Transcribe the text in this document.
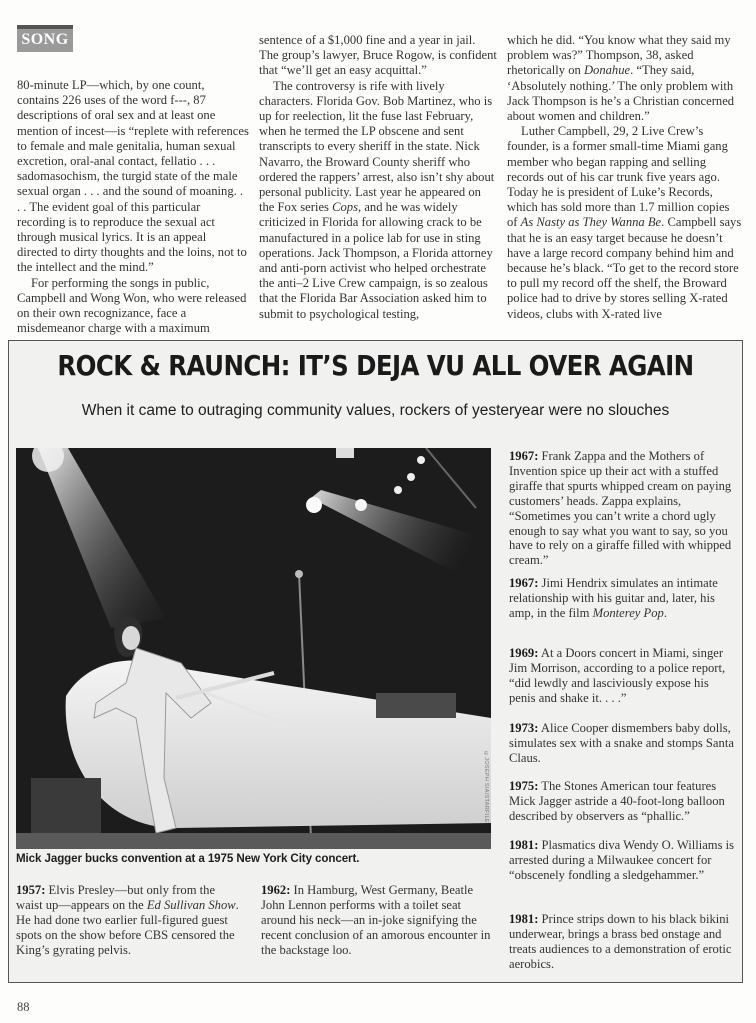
SONG

80-minute LP—which, by one count, contains 226 uses of the word f---, 87 descriptions of oral sex and at least one mention of incest—is “replete with references to female and male genitalia, human sexual excretion, oral-anal contact, fellatio . . . sadomasochism, the turgid state of the male sexual organ . . . and the sound of moaning. . . . The evident goal of this particular recording is to reproduce the sexual act through musical lyrics. It is an appeal directed to dirty thoughts and the loins, not to the intellect and the mind.”

For performing the songs in public, Campbell and Wong Won, who were released on their own recognizance, face a misdemeanor charge with a maximum

sentence of a $1,000 fine and a year in jail. The group’s lawyer, Bruce Rogow, is confident that “we’ll get an easy acquittal.”

The controversy is rife with lively characters. Florida Gov. Bob Martinez, who is up for reelection, lit the fuse last February, when he termed the LP obscene and sent transcripts to every sheriff in the state. Nick Navarro, the Broward County sheriff who ordered the rappers’ arrest, also isn’t shy about personal publicity. Last year he appeared on the Fox series Cops, and he was widely criticized in Florida for allowing crack to be manufactured in a police lab for use in sting operations. Jack Thompson, a Florida attorney and anti-porn activist who helped orchestrate the anti–2 Live Crew campaign, is so zealous that the Florida Bar Association asked him to submit to psychological testing,

which he did. “You know what they said my problem was?” Thompson, 38, asked rhetorically on Donahue. “They said, ‘Absolutely nothing.’ The only problem with Jack Thompson is he’s a Christian concerned about women and children.”

Luther Campbell, 29, 2 Live Crew’s founder, is a former small-time Miami gang member who began rapping and selling records out of his car trunk five years ago. Today he is president of Luke’s Records, which has sold more than 1.7 million copies of As Nasty as They Wanna Be. Campbell says that he is an easy target because he doesn’t have a large record company behind him and because he’s black. “To get to the record store to pull my record off the shelf, the Broward police had to drive by stores selling X-rated videos, clubs with X-rated live

ROCK & RAUNCH: IT’S DEJA VU ALL OVER AGAIN
When it came to outraging community values, rockers of yesteryear were no slouches
©JOSEPH SIA/STARFILE
Mick Jagger bucks convention at a 1975 New York City concert.
1957: Elvis Presley—but only from the waist up—appears on the Ed Sullivan Show. He had done two earlier full-figured guest spots on the show before CBS censored the King’s gyrating pelvis.
1962: In Hamburg, West Germany, Beatle John Lennon performs with a toilet seat around his neck—an in-joke signifying the recent conclusion of an amorous encounter in the backstage loo.
1967: Frank Zappa and the Mothers of Invention spice up their act with a stuffed giraffe that spurts whipped cream on paying customers’ heads. Zappa explains, “Sometimes you can’t write a chord ugly enough to say what you want to say, so you have to rely on a giraffe filled with whipped cream.”
1967: Jimi Hendrix simulates an intimate relationship with his guitar and, later, his amp, in the film Monterey Pop.
1969: At a Doors concert in Miami, singer Jim Morrison, according to a police report, “did lewdly and lasciviously expose his penis and shake it. . . .”
1973: Alice Cooper dismembers baby dolls, simulates sex with a snake and stomps Santa Claus.
1975: The Stones American tour features Mick Jagger astride a 40-foot-long balloon described by observers as “phallic.”
1981: Plasmatics diva Wendy O. Williams is arrested during a Milwaukee concert for “obscenely fondling a sledgehammer.”
1981: Prince strips down to his black bikini underwear, brings a brass bed onstage and treats audiences to a demonstration of erotic aerobics.
88
